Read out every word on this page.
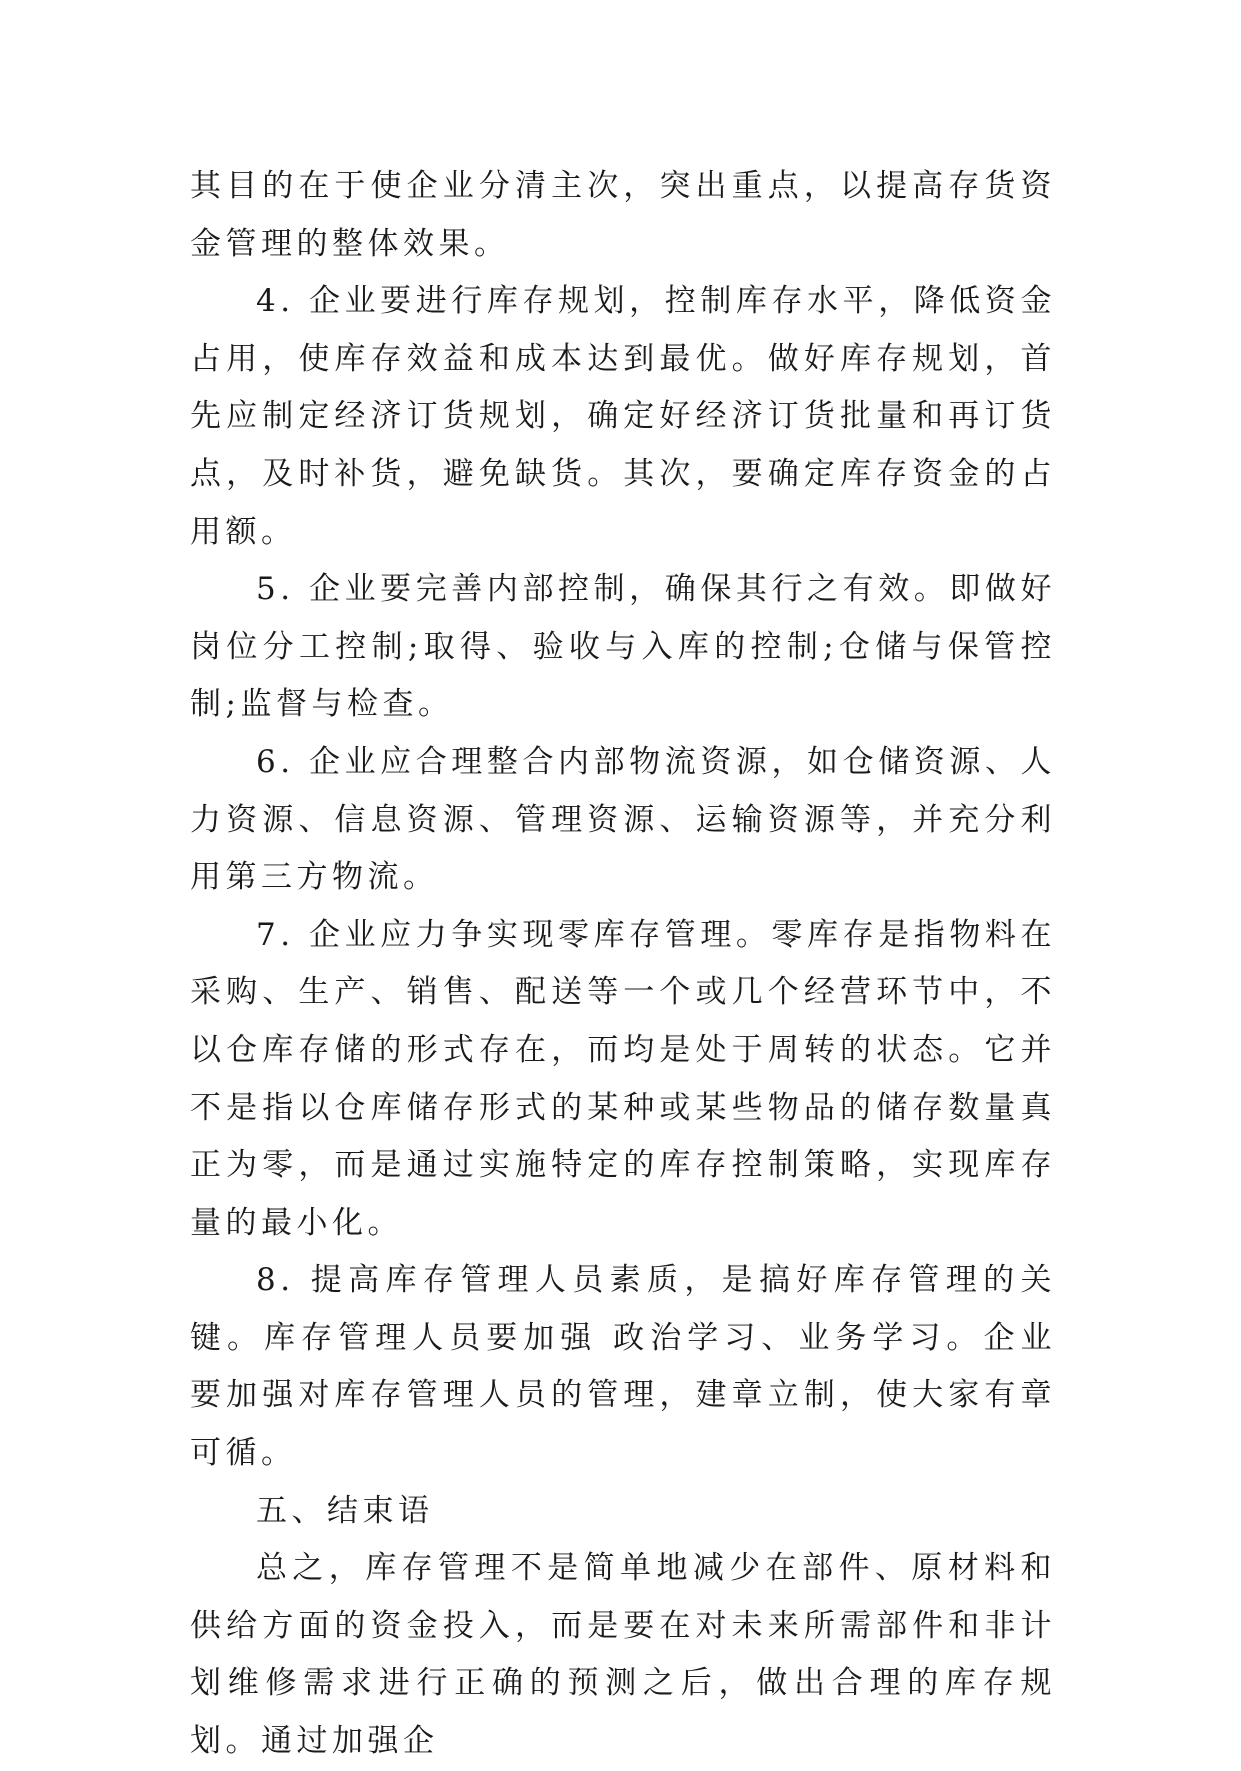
其目的在于使企业分清主次，突出重点，以提高存货资金管理的整体效果。

4. 企业要进行库存规划，控制库存水平，降低资金占用，使库存效益和成本达到最优。做好库存规划，首先应制定经济订货规划，确定好经济订货批量和再订货点，及时补货，避免缺货。其次，要确定库存资金的占用额。

5. 企业要完善内部控制，确保其行之有效。即做好岗位分工控制;取得、验收与入库的控制;仓储与保管控制;监督与检查。

6. 企业应合理整合内部物流资源，如仓储资源、人力资源、信息资源、管理资源、运输资源等，并充分利用第三方物流。

7. 企业应力争实现零库存管理。零库存是指物料在采购、生产、销售、配送等一个或几个经营环节中，不以仓库存储的形式存在，而均是处于周转的状态。它并不是指以仓库储存形式的某种或某些物品的储存数量真正为零，而是通过实施特定的库存控制策略，实现库存量的最小化。

8. 提高库存管理人员素质，是搞好库存管理的关键。库存管理人员要加强 政治学习、业务学习。企业要加强对库存管理人员的管理，建章立制，使大家有章可循。

五、结束语

总之，库存管理不是简单地减少在部件、原材料和供给方面的资金投入，而是要在对未来所需部件和非计划维修需求进行正确的预测之后，做出合理的库存规划。通过加强企
